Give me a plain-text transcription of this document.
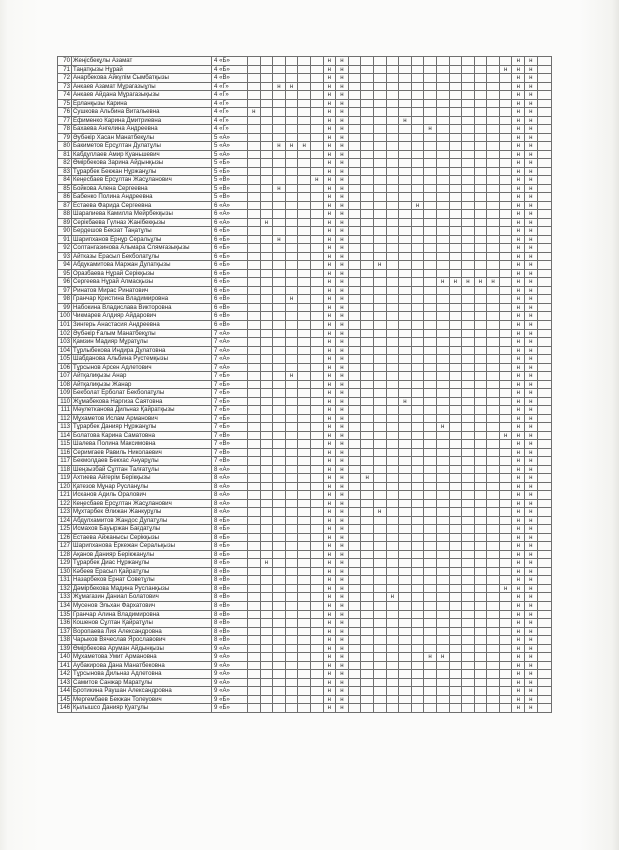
70	Жеңісбекұлы Азамат	4 «Б»							н	н														н	н	
71	Таңатқызы Нұрай	4 «Б»							н	н													н	н	н	
72	Анарбекова Айкүлім Сымбатқызы	4 «В»							н	н														н	н	
73	Анкаев Азамат Мұрагазыұлы	4 «Г»			н	н			н	н														н	н	
74	Анкаев Айдана Мұрагазықызы	4 «Г»							н	н														н	н	
75	Ерланқызы Карина	4 «Г»							н	н														н	н	
76	Сушкова Альбина Витальевна	4 «Г»	н						н	н														н	н	
77	Ефименко Карина Дмитриевна	4 «Г»							н	н					н									н	н	
78	Бахаева Ангелина Андреевна	4 «Г»							н	н							н							н	н	
79	Әубәкір Хасан Манатбекұлы	5 «А»							н	н														н	н	
80	Бакиметов Ерсұлтан Дулатұлы	5 «А»			н	н	н		н	н														н	н	
81	Кабдуллаев Амир Қуаньшевич	5 «А»							н	н														н	н	
82	Өмірбекова Зарина Айдынқызы	5 «Б»							н	н														н	н	
83	Тұрарбек Бекжан Нұржанұлы	5 «Б»							н	н														н	н	
84	Кеңесбаев Ерсұлтан Жасұланович	5 «В»						н	н	н														н	н	
85	Бойкова Алена Сергеевна	5 «В»			н				н	н														н	н	
86	Бабенко Полина Андреевна	5 «В»							н	н														н	н	
87	Естаева Фарида Сергеевна	6 «А»							н	н						н								н	н	
88	Шарапиева Камилла Мейрбекқызы	6 «А»							н	н														н	н	
89	Серікбаева Гүлназ Жанібекқызы	6 «А»		н					н	н														н	н	
90	Бердешов Бекзат Таңатұлы	6 «Б»							н	н														н	н	
91	Шарипханов Ернұр Серальұлы	6 «Б»			н				н	н														н	н	
92	Солтангазинова Альмара Слямғазықызы	6 «Б»							н	н														н	н	
93	Айтказы Ерасыл Бекболатұлы	6 «Б»							н	н														н	н	
94	Абдукамитова Маржан Дулатқызы	6 «Б»							н	н			н											н	н	
95	Оразбаева Нұрай Серікқызы	6 «Б»							н	н														н	н	
96	Сергеева Нұрай Алмасқызы	6 «Б»							н	н								н	н	н	н	н		н	н	
97	Ринатов Мирас Ринатович	6 «Б»							н	н														н	н	
98	Гранчар Кристина Владимировна	6 «В»				н			н	н														н	н	
99	Набокина Владислава Викторовна	6 «В»							н	н														н	н	
100	Чикмарев Алдияр Айдарович	6 «В»							н	н														н	н	
101	Зингерь Анастасия Андреевна	6 «В»							н	н														н	н	
102	Әубәкір Ғалым Манатбекұлы	7 «А»							н	н														н	н	
103	Қамзин Мадияр Мұратұлы	7 «А»							н	н														н	н	
104	Тұрлыбекова Индира Дулатовна	7 «А»							н	н														н	н	
105	Шабданова Альбина Рүстемқызы	7 «А»							н	н														н	н	
106	Тұрсынов Арсен Адлетович	7 «А»							н	н														н	н	
107	Айтқалиқызы Анар	7 «Б»				н			н	н														н	н	
108	Айтқалиқызы Жанар	7 «Б»							н	н														н	н	
109	Бекболат Ерболат Бекболатұлы	7 «Б»							н	н														н	н	
110	Жұмабекова Наргиза Саятовна	7 «Б»							н	н					н									н	н	
111	Мәулетканова Дильназ Қайратқызы	7 «Б»							н	н														н	н	
112	Мұхаметов Ислам Арманович	7 «Б»							н	н														н	н	
113	Тұрарбек Данияр Нұржанұлы	7 «Б»							н	н								н						н	н	
114	Болатова Карина Саматовна	7 «В»							н	н													н	н	н	
115	Шалева Полина Максимовна	7 «В»							н	н														н	н	
116	Серимгаев Равиль Николаевич	7 «В»							н	н														н	н	
117	Бекмолдаев Бекхас Ануарұлы	7 «В»							н	н														н	н	
118	Шеңзызбай Сұлтан Талғатұлы	8 «А»							н	н														н	н	
119	Ахтиева Айгерім Берікқызы	8 «А»							н	н		н												н	н	
120	Қатезов Мұнар Русланұлы	8 «А»							н	н														н	н	
121	Исканов Адиль Оралович	8 «А»							н	н														н	н	
122	Кеңесбаев Ерсұлтан Жасұланович	8 «А»							н	н														н	н	
123	Мұхтарбек Әлижан Жанкурұлы	8 «А»							н	н			н											н	н	
124	Абдулхамитов Жандос Дулатұлы	8 «Б»							н	н														н	н	
125	Исмахов Бауыржан Бағдатұлы	8 «Б»							н	н														н	н	
126	Естаева Айжанысы Серікқызы	8 «Б»							н	н														н	н	
127	Шарипханова Еркежан Серальқызы	8 «Б»							н	н														н	н	
128	Ақанов Данияр Берікжанұлы	8 «Б»							н	н														н	н	
129	Тұрарбек Диас Нұржанұлы	8 «Б»		н					н	н														н	н	
130	Кәбеев Ерасыл Қайратұлы	8 «В»							н	н														н	н	
131	Назарбеков Ернат Советұлы	8 «В»							н	н														н	н	
132	Дәмірбекова Мадина Русланқызы	8 «В»							н	н													н	н	н	
133	Жұмагазин Даниал Болатович	8 «В»							н	н				н										н	н	
134	Мусенов Эльхан Фархатович	8 «В»							н	н														н	н	
135	Гранчар Алина Владимировна	8 «В»							н	н														н	н	
136	Кошенов Сұлтан Қайратұлы	8 «В»							н	н														н	н	
137	Воропаева Лия Александровна	8 «В»							н	н														н	н	
138	Чарыков Вячеслав Ярославович	8 «В»							н	н														н	н	
139	Өмірбекова Аруман Айдынқызы	9 «А»							н	н														н	н	
140	Мұхаметова Умит Армановна	9 «А»							н	н							н	н						н	н	
141	Аубакирова Дана Манатбековна	9 «А»							н	н														н	н	
142	Тұрсынова Дильназ Адлетовна	9 «А»							н	н														н	н	
143	Самитов Санжар Маратұлы	9 «А»							н	н														н	н	
144	Бротикина Раушан Александровна	9 «А»							н	н														н	н	
145	Мергембаев Бекжан Толеуович	9 «Б»							н	н														н	н	
146	Қылышсо Данияр Қуатұлы	9 «Б»							н	н														н	н	
